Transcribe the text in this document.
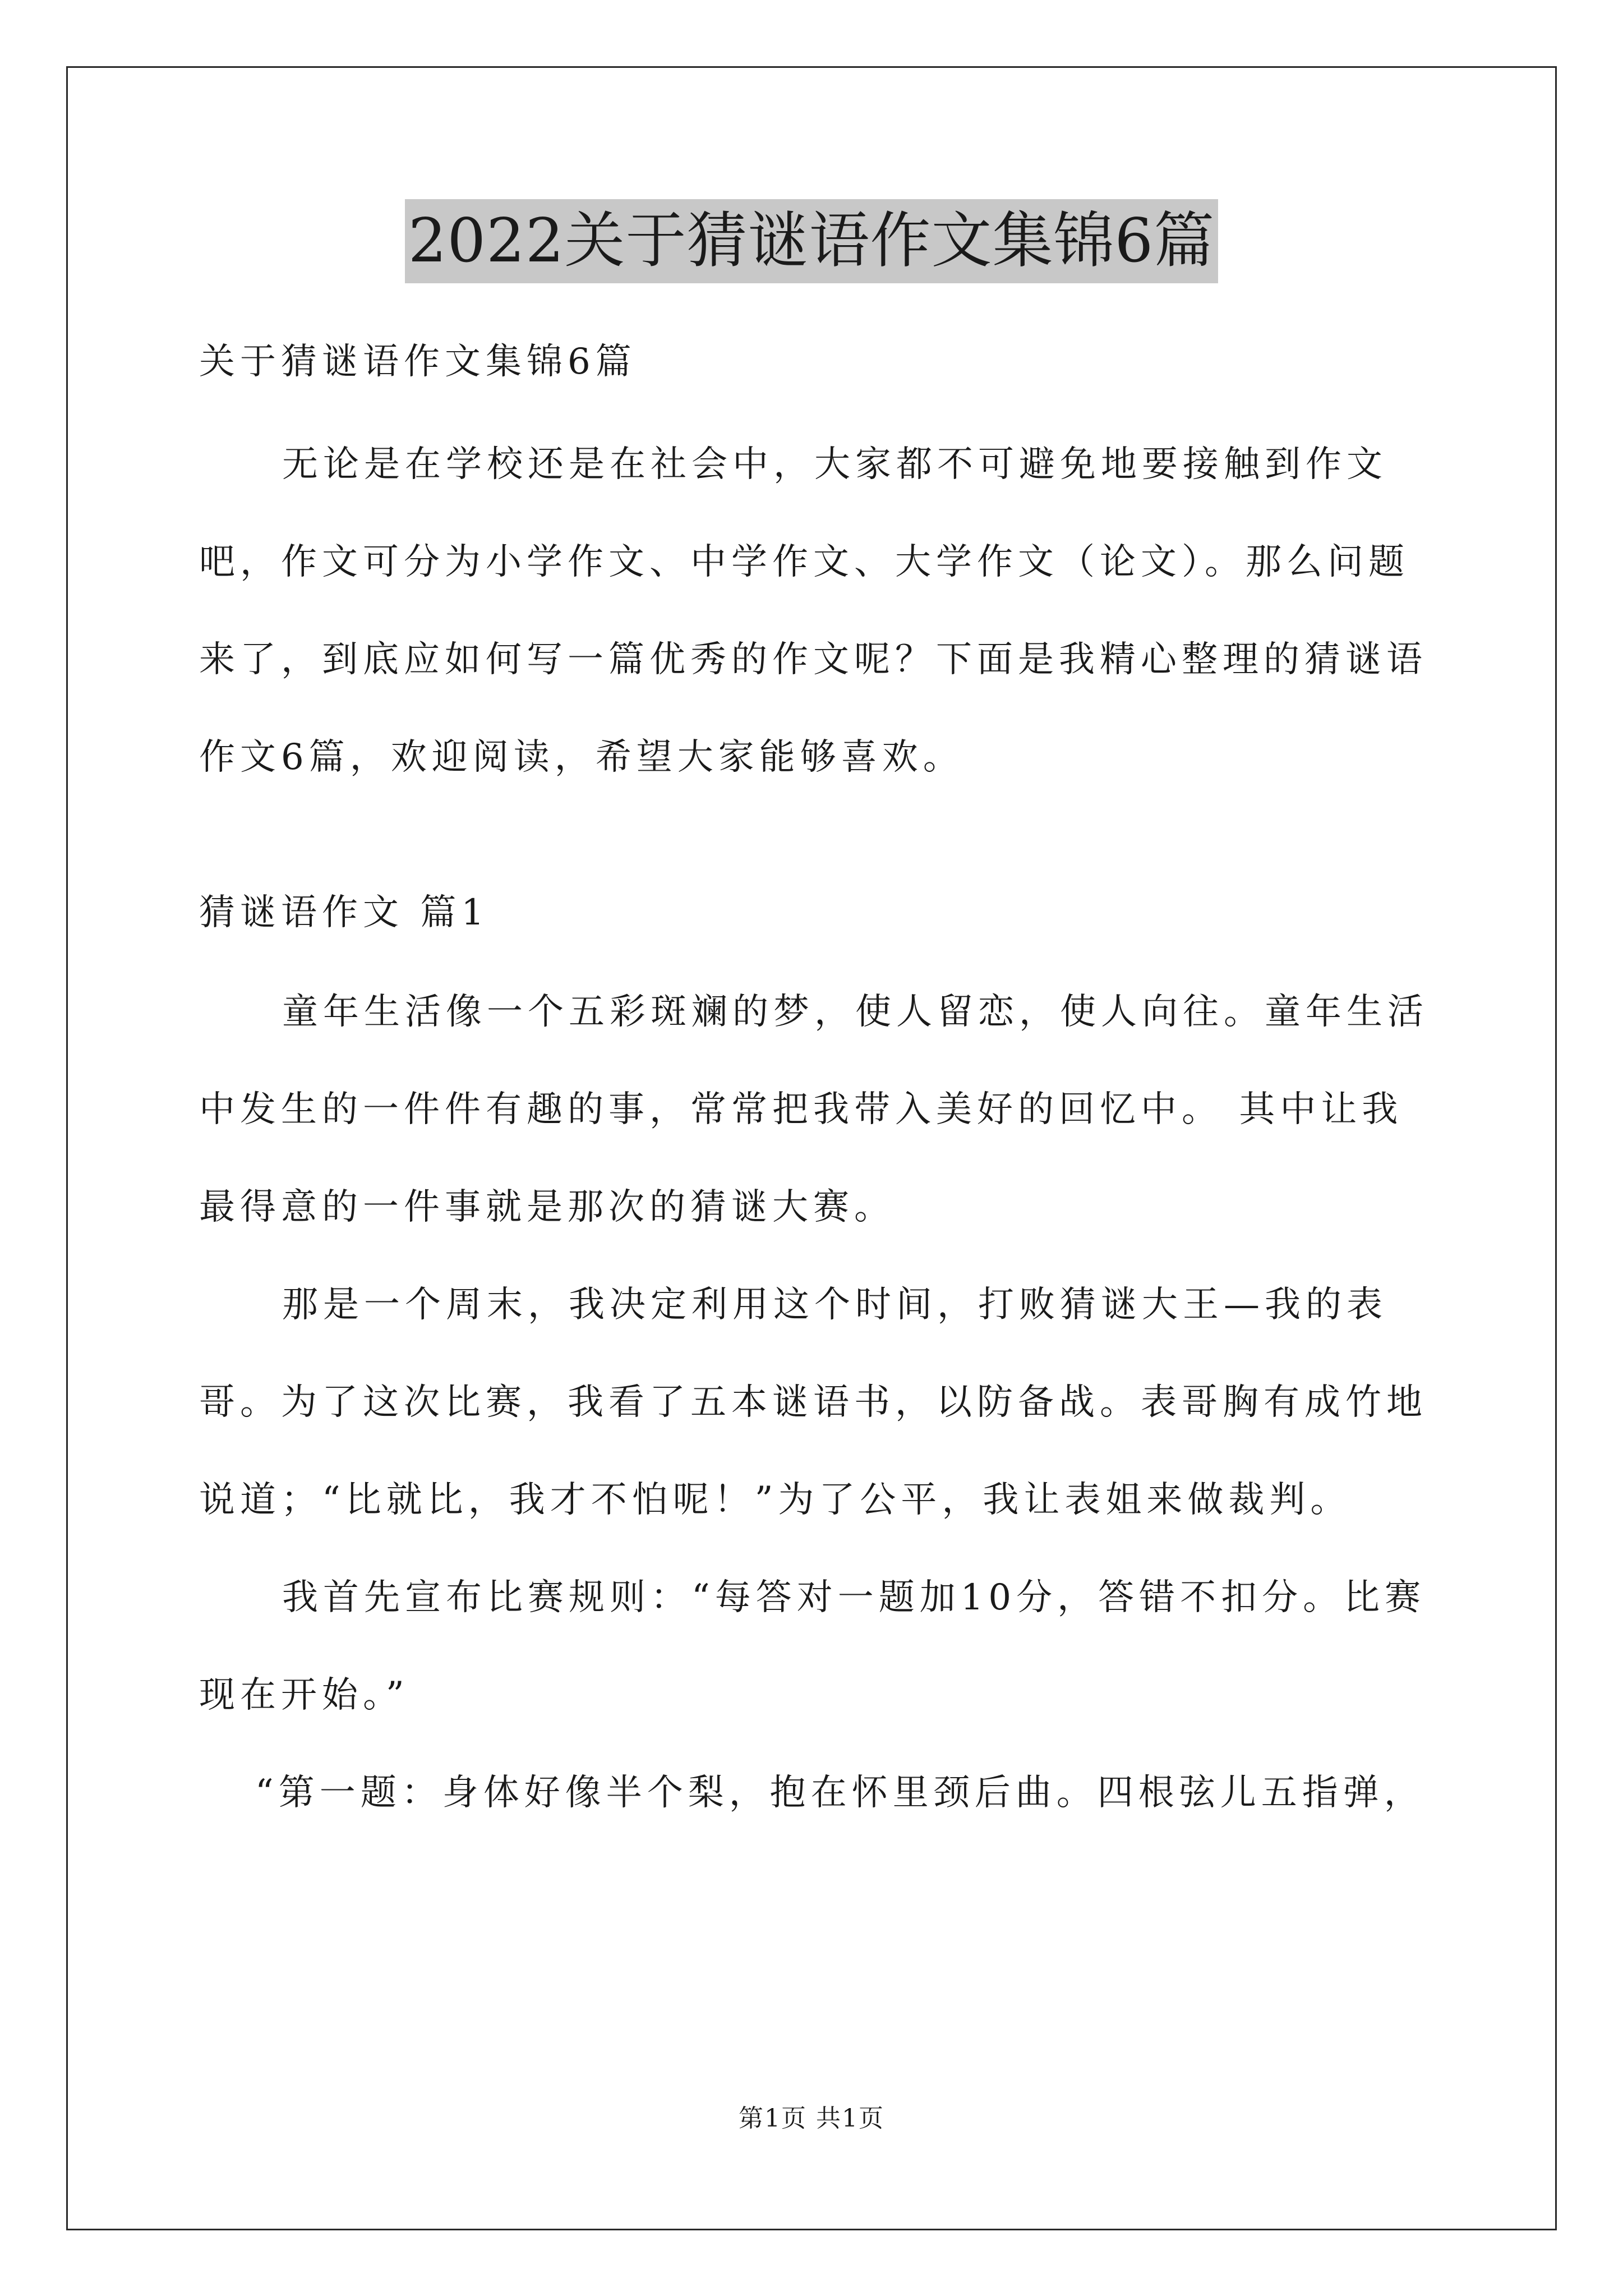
2022关于猜谜语作文集锦6篇

关于猜谜语作文集锦6篇

无论是在学校还是在社会中，大家都不可避免地要接触到作文吧，作文可分为小学作文、中学作文、大学作文（论文）。那么问题来了，到底应如何写一篇优秀的作文呢？下面是我精心整理的猜谜语作文6篇，欢迎阅读，希望大家能够喜欢。

猜谜语作文 篇1

童年生活像一个五彩斑斓的梦，使人留恋，使人向往。童年生活中发生的一件件有趣的事，常常把我带入美好的回忆中。 其中让我最得意的一件事就是那次的猜谜大赛。

那是一个周末，我决定利用这个时间，打败猜谜大王—我的表哥。为了这次比赛，我看了五本谜语书，以防备战。表哥胸有成竹地说道；“比就比，我才不怕呢！”为了公平，我让表姐来做裁判。

我首先宣布比赛规则：“每答对一题加10分，答错不扣分。比赛现在开始。”

“第一题：身体好像半个梨，抱在怀里颈后曲。四根弦儿五指弹，

第1页 共1页
